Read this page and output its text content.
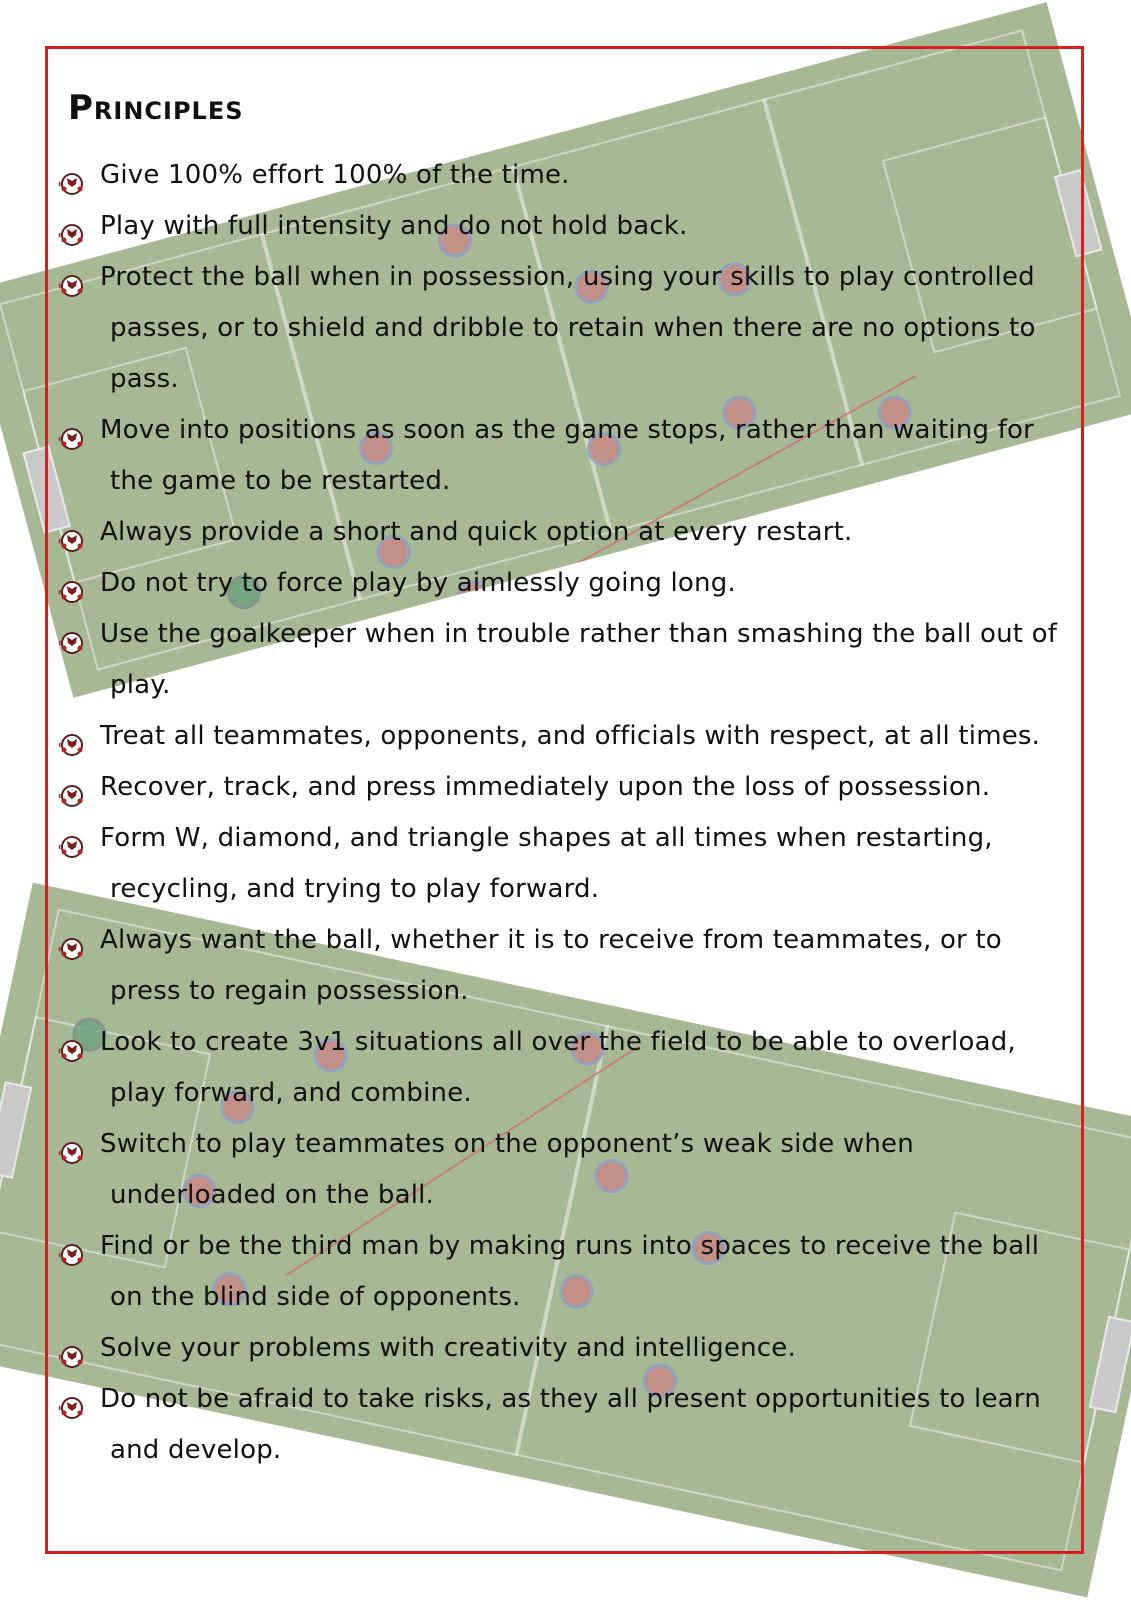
Principles
Give 100% effort 100% of the time.
Play with full intensity and do not hold back.
Protect the ball when in possession, using your skills to play controlled passes, or to shield and dribble to retain when there are no options to pass.
Move into positions as soon as the game stops, rather than waiting for the game to be restarted.
Always provide a short and quick option at every restart.
Do not try to force play by aimlessly going long.
Use the goalkeeper when in trouble rather than smashing the ball out of play.
Treat all teammates, opponents, and officials with respect, at all times.
Recover, track, and press immediately upon the loss of possession.
Form W, diamond, and triangle shapes at all times when restarting, recycling, and trying to play forward.
Always want the ball, whether it is to receive from teammates, or to press to regain possession.
Look to create 3v1 situations all over the field to be able to overload, play forward, and combine.
Switch to play teammates on the opponent’s weak side when underloaded on the ball.
Find or be the third man by making runs into spaces to receive the ball on the blind side of opponents.
Solve your problems with creativity and intelligence.
Do not be afraid to take risks, as they all present opportunities to learn and develop.
